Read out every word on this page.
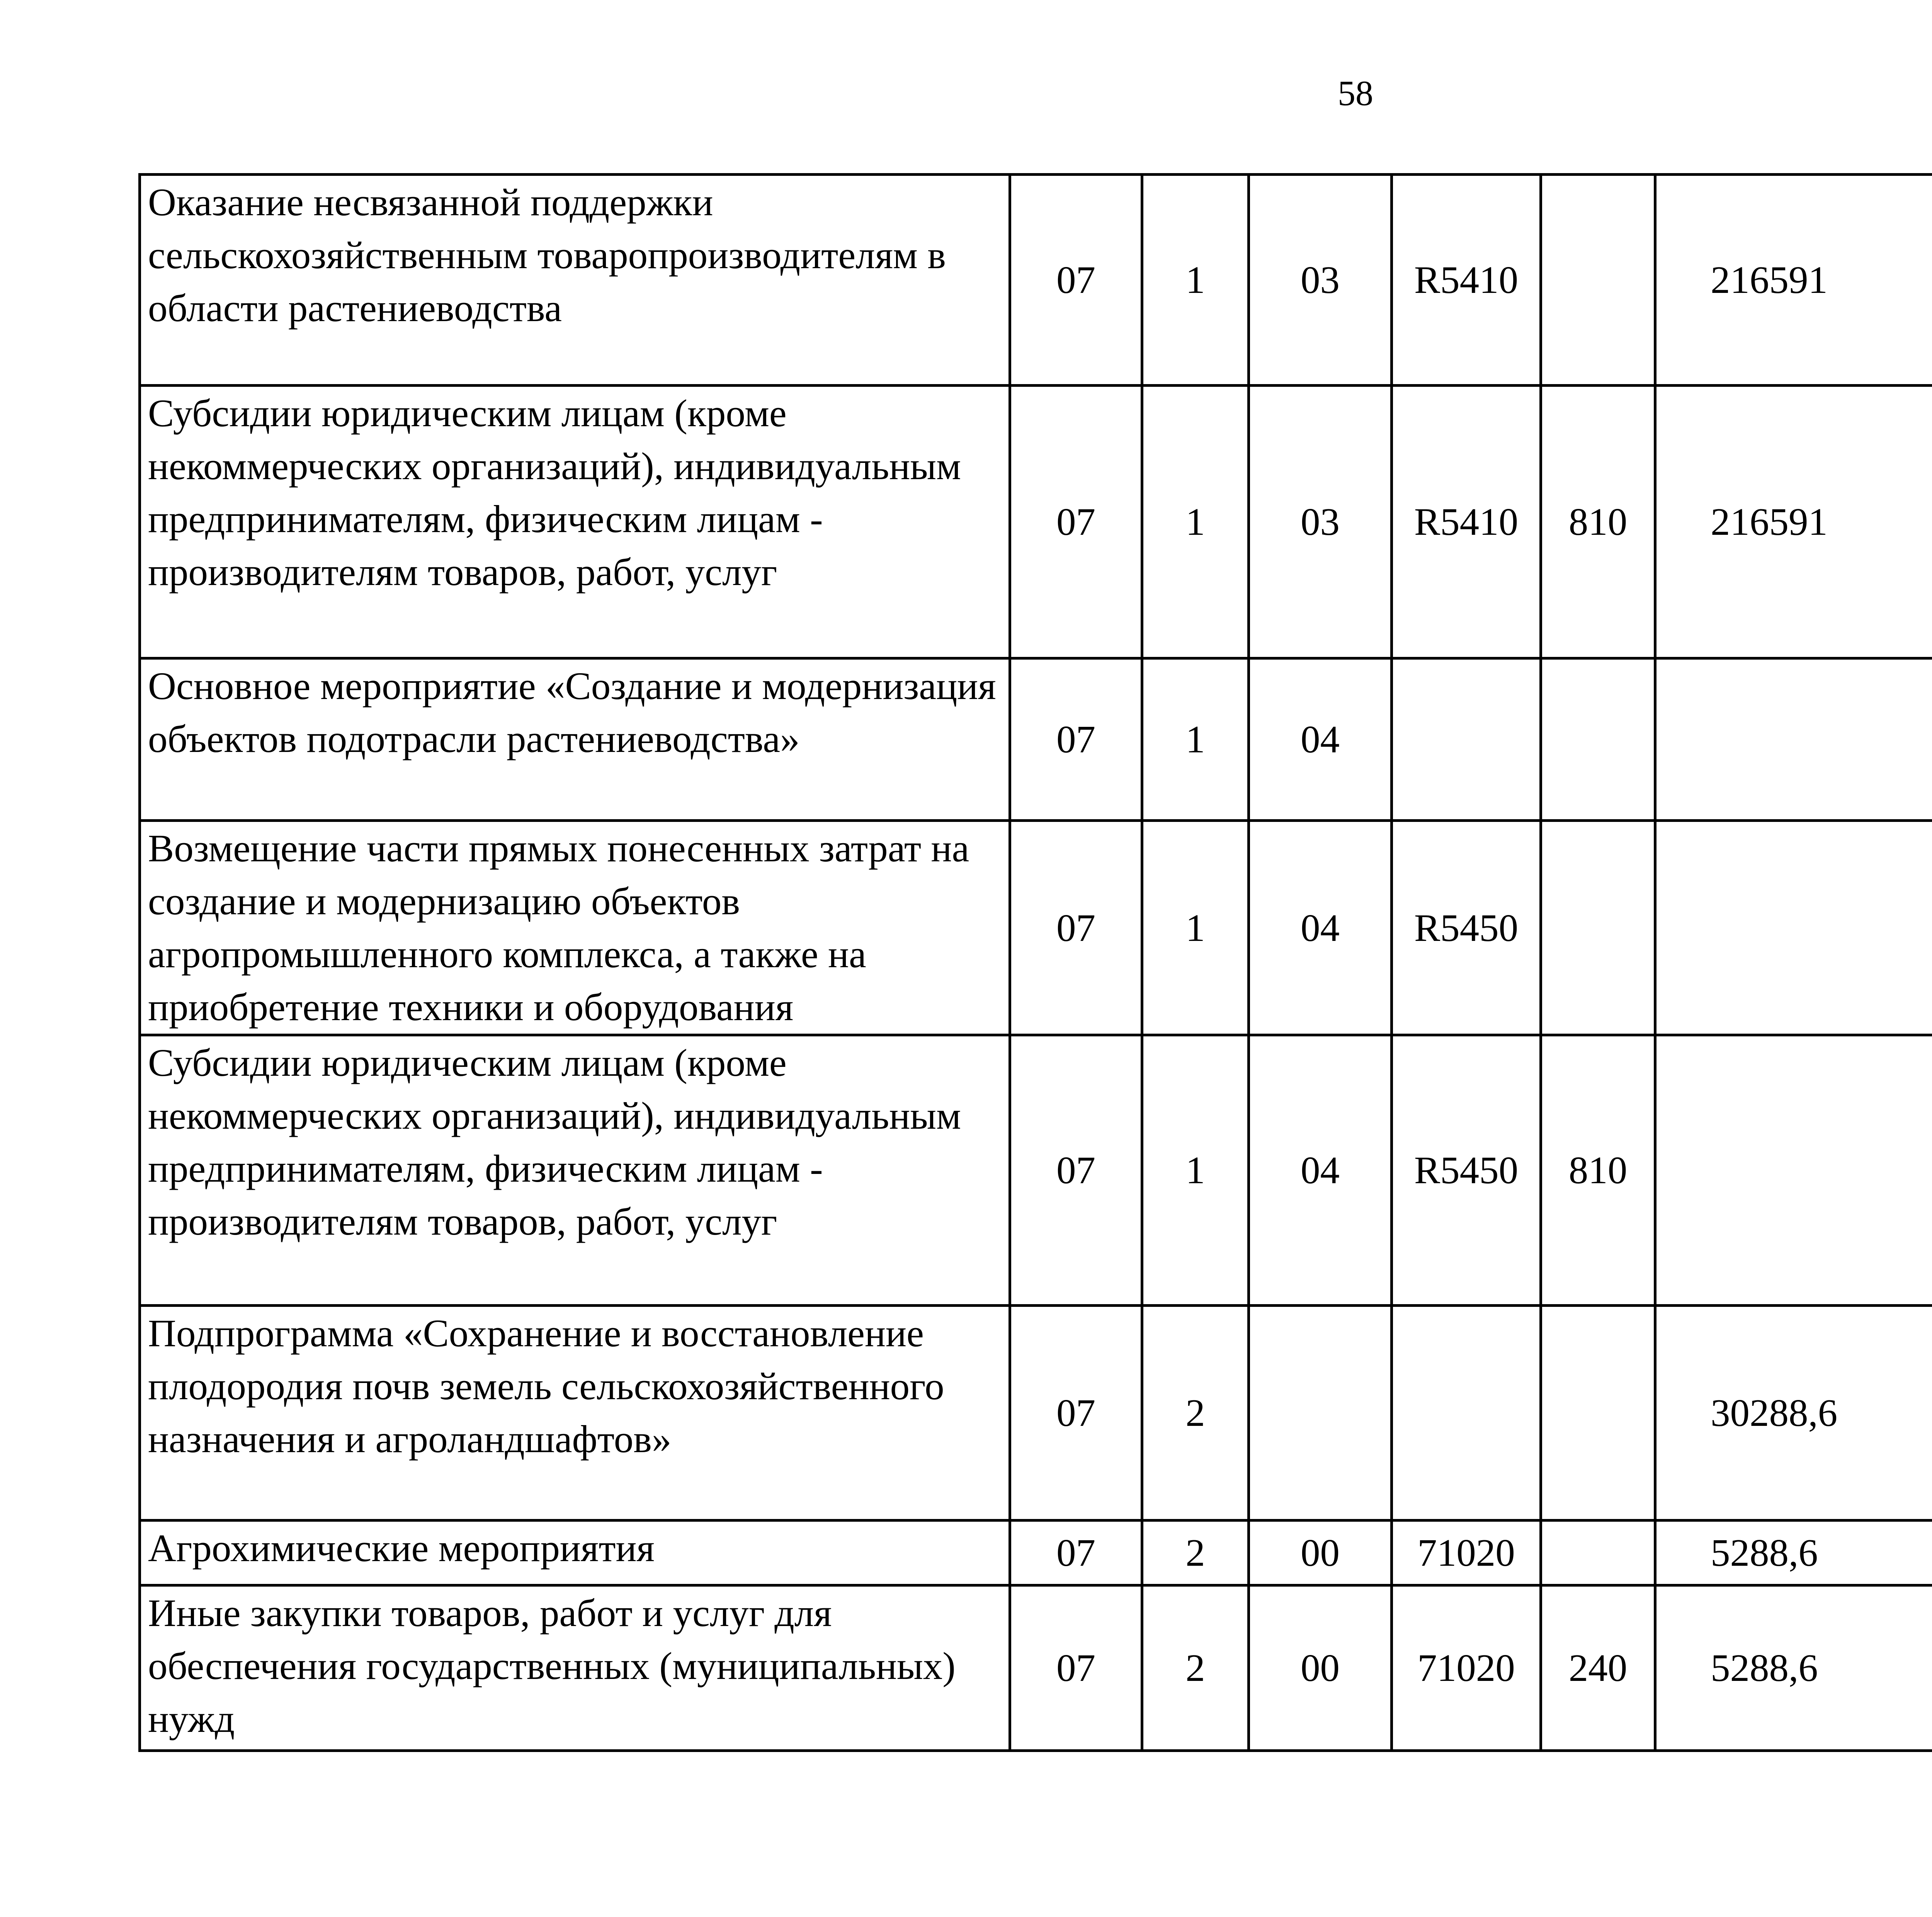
58
Оказание несвязанной поддержки сельскохозяйственным товаропроизводителям в области растениеводства	07	1	03	R5410		216591		
Субсидии юридическим лицам (кроме некоммерческих организаций), индивидуальным предпринимателям, физическим лицам - производителям товаров, работ, услуг	07	1	03	R5410	810	216591		
Основное мероприятие «Создание и модернизация объектов подотрасли растениеводства»	07	1	04					
Возмещение части прямых понесенных затрат на создание и модернизацию объектов агропромышленного комплекса, а также на приобретение техники и оборудования	07	1	04	R5450				
Субсидии юридическим лицам (кроме некоммерческих организаций), индивидуальным предпринимателям, физическим лицам - производителям товаров, работ, услуг	07	1	04	R5450	810			
Подпрограмма «Сохранение и восстановление плодородия почв земель сельскохозяйственного назначения и агроландшафтов»	07	2				30288,6		
Агрохимические мероприятия	07	2	00	71020		5288,6		
Иные закупки товаров, работ и услуг для обеспечения государственных (муниципальных) нужд	07	2	00	71020	240	5288,6		
